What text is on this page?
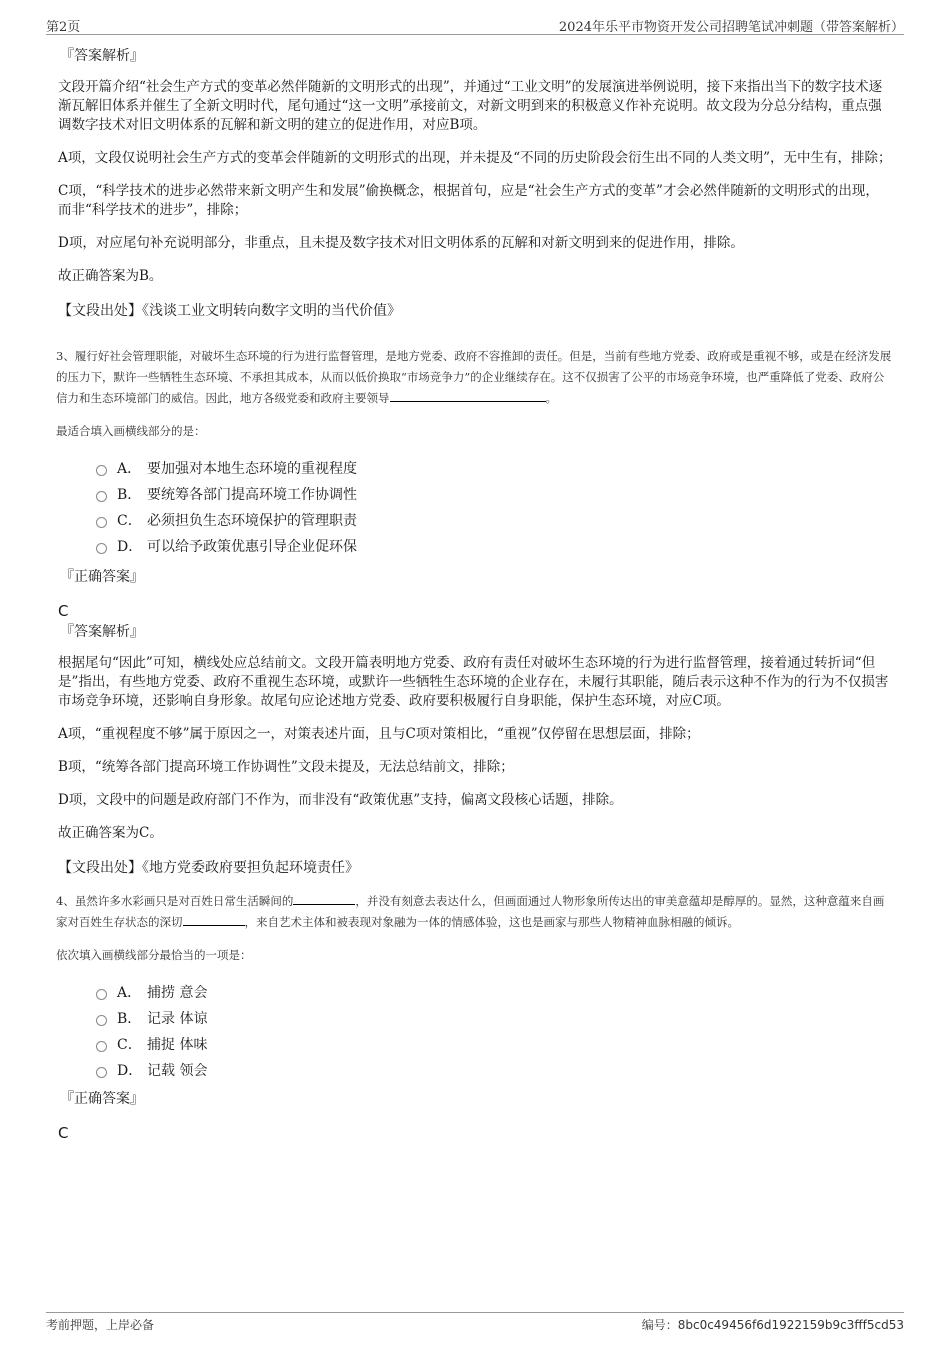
第2页	2024年乐平市物资开发公司招聘笔试冲刺题（带答案解析）

『答案解析』

文段开篇介绍“社会生产方式的变革必然伴随新的文明形式的出现”，并通过“工业文明”的发展演进举例说明，接下来指出当下的数字技术逐渐瓦解旧体系并催生了全新文明时代，尾句通过“这一文明”承接前文，对新文明到来的积极意义作补充说明。故文段为分总分结构，重点强调数字技术对旧文明体系的瓦解和新文明的建立的促进作用，对应B项。

A项，文段仅说明社会生产方式的变革会伴随新的文明形式的出现，并未提及“不同的历史阶段会衍生出不同的人类文明”，无中生有，排除；

C项，“科学技术的进步必然带来新文明产生和发展”偷换概念，根据首句，应是“社会生产方式的变革”才会必然伴随新的文明形式的出现，而非“科学技术的进步”，排除；

D项，对应尾句补充说明部分，非重点，且未提及数字技术对旧文明体系的瓦解和对新文明到来的促进作用，排除。

故正确答案为B。

【文段出处】《浅谈工业文明转向数字文明的当代价值》

3、履行好社会管理职能，对破坏生态环境的行为进行监督管理，是地方党委、政府不容推卸的责任。但是，当前有些地方党委、政府或是重视不够，或是在经济发展的压力下，默许一些牺牲生态环境、不承担其成本，从而以低价换取“市场竞争力”的企业继续存在。这不仅损害了公平的市场竞争环境，也严重降低了党委、政府公信力和生态环境部门的威信。因此，地方各级党委和政府主要领导	。

最适合填入画横线部分的是：

A． 要加强对本地生态环境的重视程度
B． 要统筹各部门提高环境工作协调性
C． 必须担负生态环境保护的管理职责
D． 可以给予政策优惠引导企业促环保

『正确答案』

C

『答案解析』

根据尾句“因此”可知，横线处应总结前文。文段开篇表明地方党委、政府有责任对破坏生态环境的行为进行监督管理，接着通过转折词“但是”指出，有些地方党委、政府不重视生态环境，或默许一些牺牲生态环境的企业存在，未履行其职能，随后表示这种不作为的行为不仅损害市场竞争环境，还影响自身形象。故尾句应论述地方党委、政府要积极履行自身职能，保护生态环境，对应C项。

A项，“重视程度不够”属于原因之一，对策表述片面，且与C项对策相比，“重视”仅停留在思想层面，排除；

B项，“统筹各部门提高环境工作协调性”文段未提及，无法总结前文，排除；

D项，文段中的问题是政府部门不作为，而非没有“政策优惠”支持，偏离文段核心话题，排除。

故正确答案为C。

【文段出处】《地方党委政府要担负起环境责任》

4、虽然许多水彩画只是对百姓日常生活瞬间的	，并没有刻意去表达什么，但画面通过人物形象所传达出的审美意蕴却是醇厚的。显然，这种意蕴来自画家对百姓生存状态的深切	，来自艺术主体和被表现对象融为一体的情感体验，这也是画家与那些人物精神血脉相融的倾诉。

依次填入画横线部分最恰当的一项是：

A． 捕捞 意会
B． 记录 体谅
C． 捕捉 体味
D． 记载 领会

『正确答案』

C

考前押题，上岸必备	编号：8bc0c49456f6d1922159b9c3fff5cd53
